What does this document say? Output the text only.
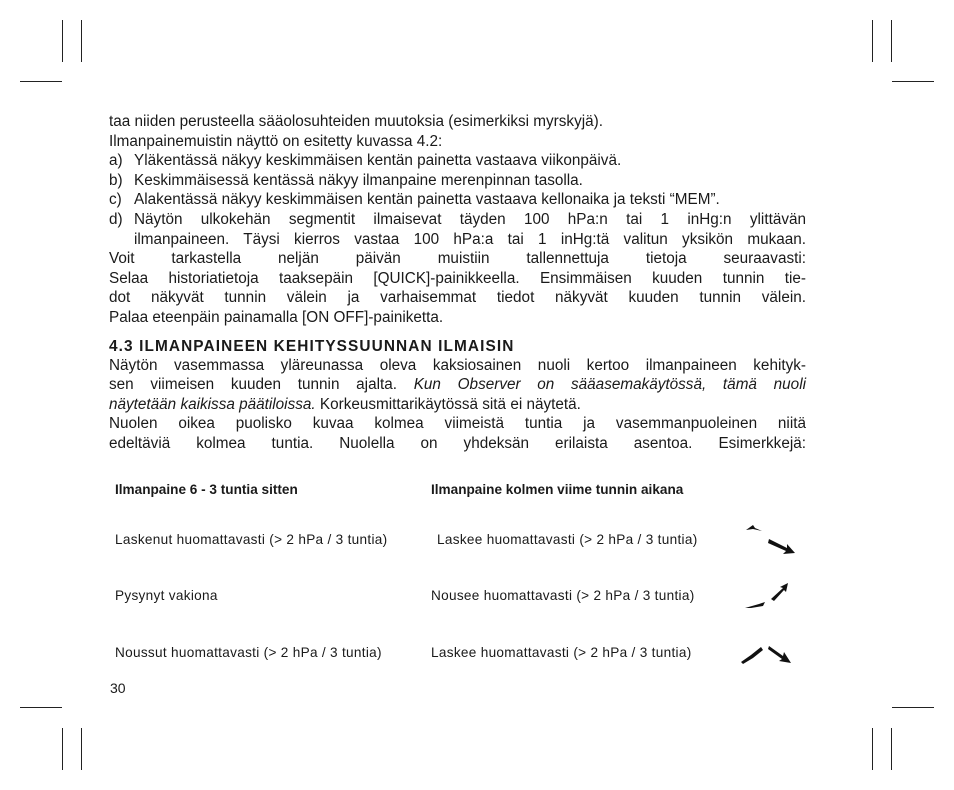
taa niiden perusteella sääolosuhteiden muutoksia (esimerkiksi myrskyjä).
Ilmanpainemuistin näyttö on esitetty kuvassa 4.2:
a) Yläkentässä näkyy keskimmäisen kentän painetta vastaava viikonpäivä.
b) Keskimmäisessä kentässä näkyy ilmanpaine merenpinnan tasolla.
c) Alakentässä näkyy keskimmäisen kentän painetta vastaava kellonaika ja teksti “MEM”.
d) Näytön ulkokehän segmentit ilmaisevat täyden 100 hPa:n tai 1 inHg:n ylittävän
ilmanpaineen. Täysi kierros vastaa 100 hPa:a tai 1 inHg:tä valitun yksikön mukaan.
Voit tarkastella neljän päivän muistiin tallennettuja tietoja seuraavasti:
Selaa historiatietoja taaksepäin [QUICK]-painikkeella. Ensimmäisen kuuden tunnin tie-
dot näkyvät tunnin välein ja varhaisemmat tiedot näkyvät kuuden tunnin välein.
Palaa eteenpäin painamalla [ON OFF]-painiketta.
4.3 ILMANPAINEEN KEHITYSSUUNNAN ILMAISIN
Näytön vasemmassa yläreunassa oleva kaksiosainen nuoli kertoo ilmanpaineen kehityk-
sen viimeisen kuuden tunnin ajalta. Kun Observer on sääasemakäytössä, tämä nuoli
näytetään kaikissa päätiloissa. Korkeusmittarikäytössä sitä ei näytetä.
Nuolen oikea puolisko kuvaa kolmea viimeistä tuntia ja vasemmanpuoleinen niitä
edeltäviä kolmea tuntia. Nuolella on yhdeksän erilaista asentoa. Esimerkkejä:
Ilmanpaine 6 - 3 tuntia sitten	Ilmanpaine kolmen viime tunnin aikana
Laskenut huomattavasti (> 2 hPa / 3 tuntia)	Laskee huomattavasti (> 2 hPa / 3 tuntia)
Pysynyt vakiona	Nousee huomattavasti (> 2 hPa / 3 tuntia)
Noussut huomattavasti (> 2 hPa / 3 tuntia)	Laskee huomattavasti (> 2 hPa / 3 tuntia)
30
